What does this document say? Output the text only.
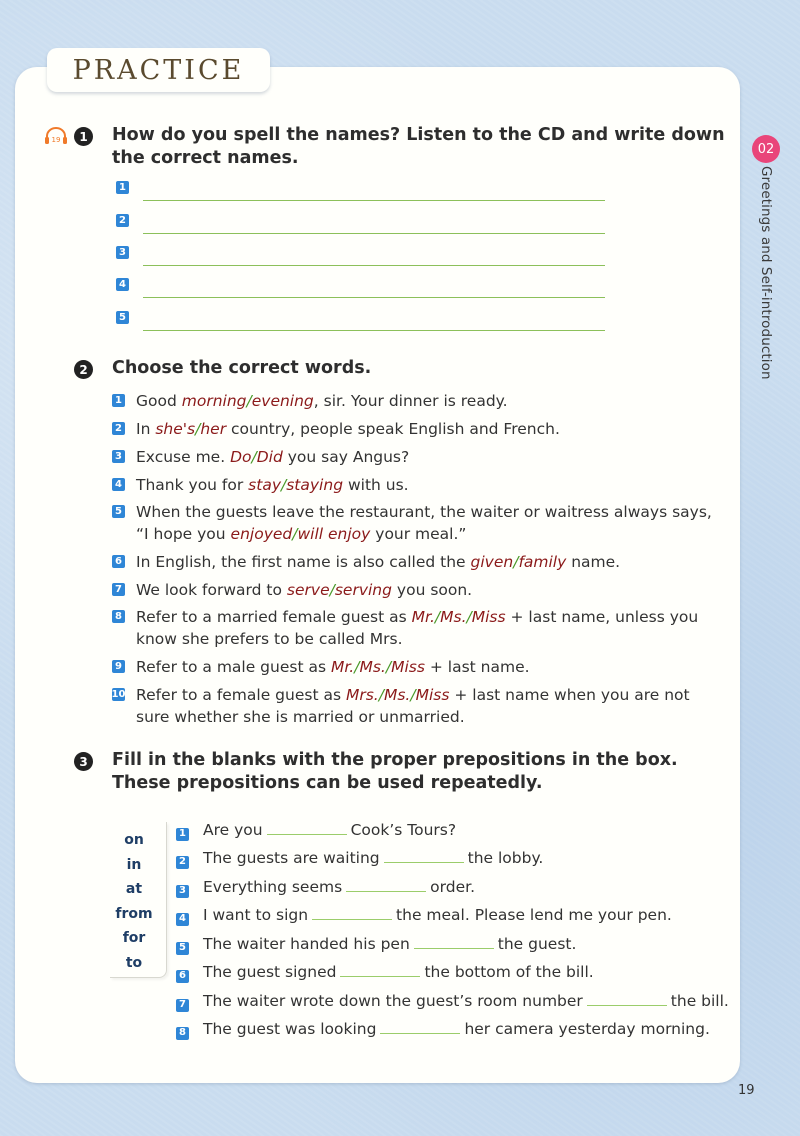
PRACTICE
02
Greetings and Self-introduction
19	1	How do you spell the names? Listen to the CD and write down
the correct names.
1
2
3
4
5
2	Choose the correct words.
1 Good morning/evening, sir. Your dinner is ready.
2 In she's/her country, people speak English and French.
3 Excuse me. Do/Did you say Angus?
4 Thank you for stay/staying with us.
5 When the guests leave the restaurant, the waiter or waitress always says, “I hope you enjoyed/will enjoy your meal.”
6 In English, the first name is also called the given/family name.
7 We look forward to serve/serving you soon.
8 Refer to a married female guest as Mr./Ms./Miss + last name, unless you know she prefers to be called Mrs.
9 Refer to a male guest as Mr./Ms./Miss + last name.
10 Refer to a female guest as Mrs./Ms./Miss + last name when you are not sure whether she is married or unmarried.
3	Fill in the blanks with the proper prepositions in the box.
These prepositions can be used repeatedly.
on
in
at
from
for
to
1 Are you	Cook’s Tours?
2 The guests are waiting	the lobby.
3 Everything seems	order.
4 I want to sign	the meal. Please lend me your pen.
5 The waiter handed his pen	the guest.
6 The guest signed	the bottom of the bill.
7 The waiter wrote down the guest’s room number	the bill.
8 The guest was looking	her camera yesterday morning.
19
